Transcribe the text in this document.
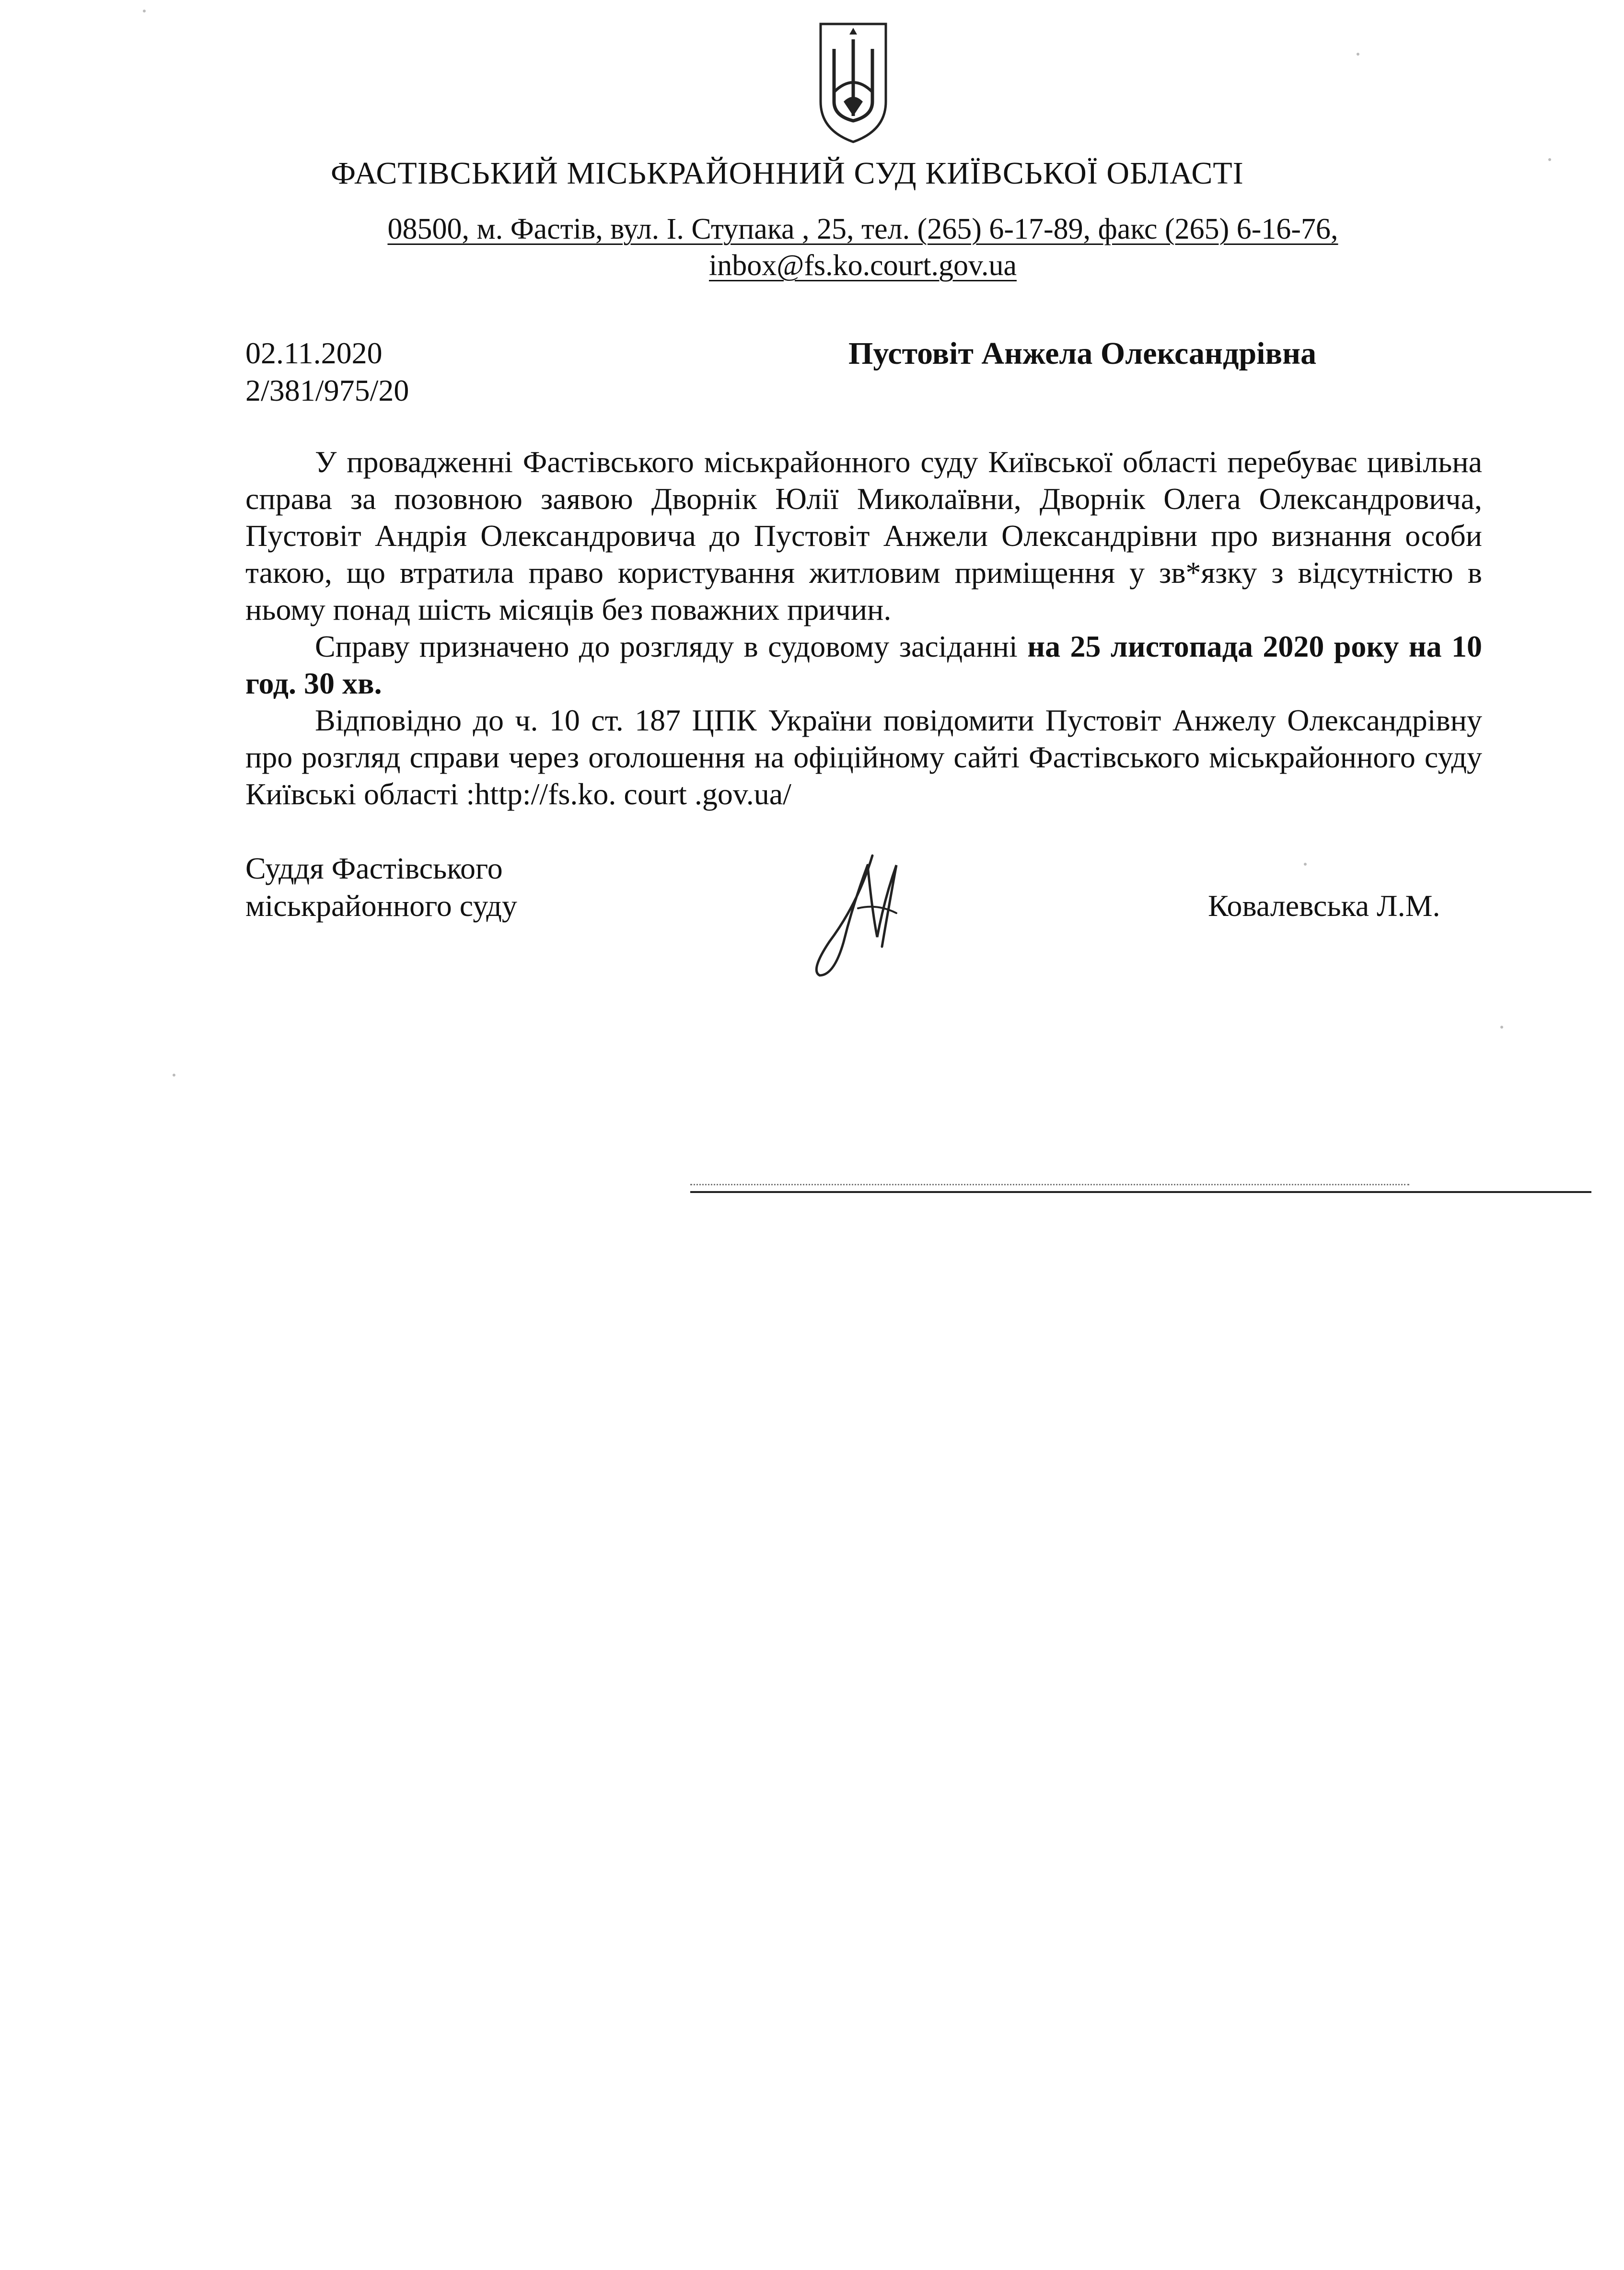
ФАСТІВСЬКИЙ МІСЬКРАЙОННИЙ СУД КИЇВСЬКОЇ ОБЛАСТІ
08500, м. Фастів, вул. І. Ступака , 25, тел. (265) 6-17-89, факс (265) 6-16-76,
inbox@fs.ko.court.gov.ua
02.11.2020
2/381/975/20
Пустовіт Анжела Олександрівна

У провадженні Фастівського міськрайонного суду Київської області перебуває цивільна справа за позовною заявою Дворнік Юлії Миколаївни, Дворнік Олега Олександровича, Пустовіт Андрія Олександровича до Пустовіт Анжели Олександрівни про визнання особи такою, що втратила право користування житловим приміщення у зв*язку з відсутністю в ньому понад шість місяців без поважних причин.

Справу призначено до розгляду в судовому засіданні на 25 листопада 2020 року на 10 год. 30 хв.

Відповідно до ч. 10 ст. 187 ЦПК України повідомити Пустовіт Анжелу Олександрівну про розгляд справи через оголошення на офіційному сайті Фастівського міськрайонного суду Київські області :http://fs.ko. court .gov.ua/

Суддя Фастівського
міськрайонного суду	Ковалевська Л.М.
